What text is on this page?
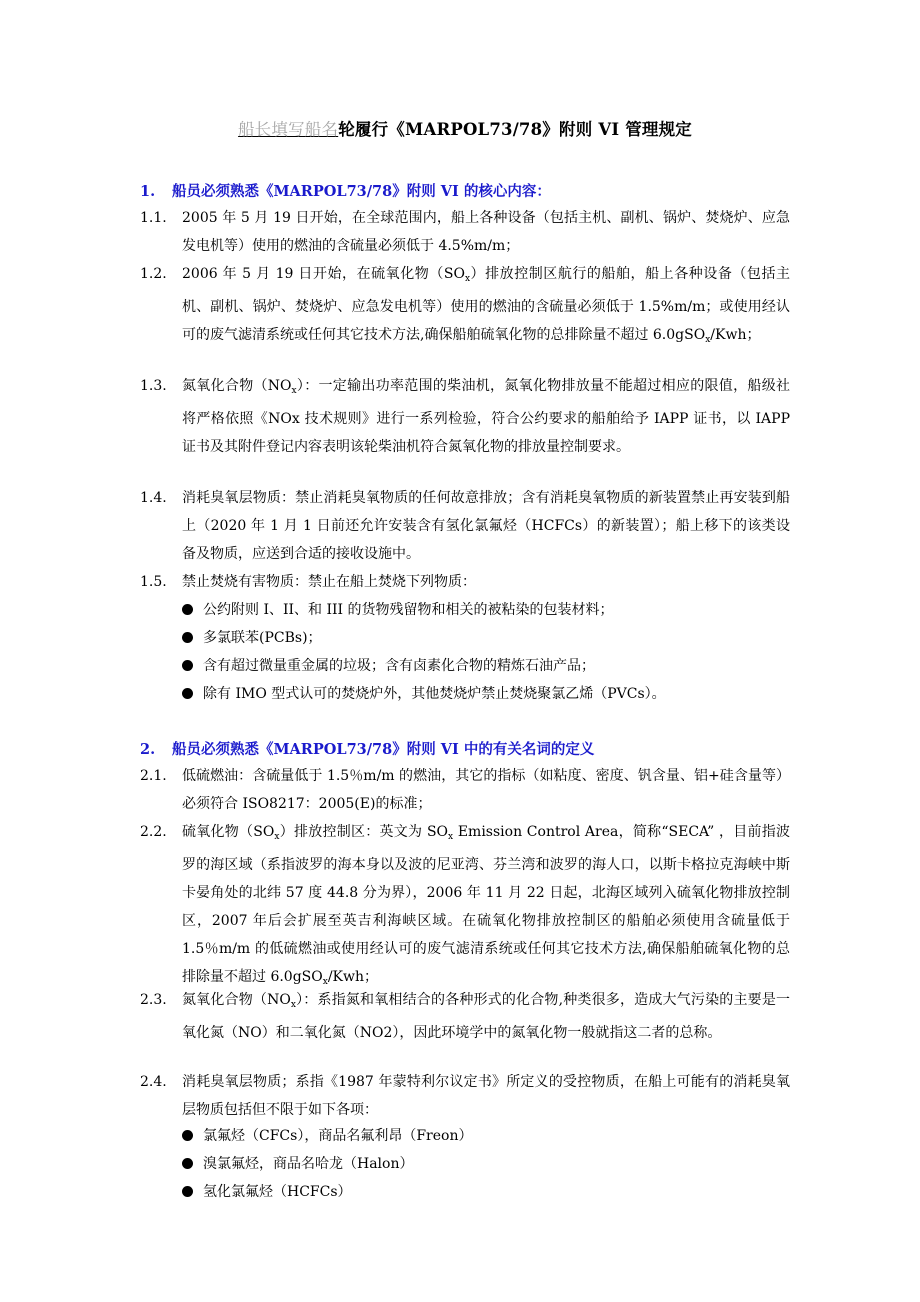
船长填写船名轮履行《MARPOL73/78》附则 VI 管理规定
1. 船员必须熟悉《MARPOL73/78》附则 VI 的核心内容：
1.1. 2005 年 5 月 19 日开始，在全球范围内，船上各种设备（包括主机、副机、锅炉、焚烧炉、应急发电机等）使用的燃油的含硫量必须低于 4.5%m/m；
1.2. 2006 年 5 月 19 日开始，在硫氧化物$(SO_x)$排放控制区航行的船舶，船上各种设备（包括主机、副机、锅炉、焚烧炉、应急发电机等）使用的燃油的含硫量必须低于 1.5%m/m；或使用经认可的废气滤清系统或任何其它技术方法,确保船舶硫氧化物的总排除量不超过 6.0gSO$_x$/Kwh；
1.3. 氮氧化合物$(NO_x)$：一定输出功率范围的柴油机，氮氧化物排放量不能超过相应的限值，船级社将严格依照《NOx 技术规则》进行一系列检验，符合公约要求的船舶给予 IAPP 证书，以 IAPP 证书及其附件登记内容表明该轮柴油机符合氮氧化物的排放量控制要求。
1.4. 消耗臭氧层物质：禁止消耗臭氧物质的任何故意排放；含有消耗臭氧物质的新装置禁止再安装到船上（2020 年 1 月 1 日前还允许安装含有氢化氯氟烃（HCFCs）的新装置）；船上移下的该类设备及物质，应送到合适的接收设施中。
1.5. 禁止焚烧有害物质：禁止在船上焚烧下列物质：
公约附则 I、II、和 III 的货物残留物和相关的被粘染的包装材料；
多氯联苯(PCBs)；
含有超过微量重金属的垃圾；含有卤素化合物的精炼石油产品；
除有 IMO 型式认可的焚烧炉外，其他焚烧炉禁止焚烧聚氯乙烯（PVCs）。
2. 船员必须熟悉《MARPOL73/78》附则 VI 中的有关名词的定义
2.1. 低硫燃油：含硫量低于 1.5％m/m 的燃油，其它的指标（如粘度、密度、钒含量、铝+硅含量等）必须符合 ISO8217：2005(E)的标准；
2.2. 硫氧化物$(SO_x)$排放控制区：英文为 $SO_x$ Emission Control Area，简称“SECA” ，目前指波罗的海区域（系指波罗的海本身以及波的尼亚湾、芬兰湾和波罗的海人口，以斯卡格拉克海峡中斯卡晏角处的北纬 57 度 44.8 分为界），2006 年 11 月 22 日起，北海区域列入硫氧化物排放控制区，2007 年后会扩展至英吉利海峡区域。在硫氧化物排放控制区的船舶必须使用含硫量低于 1.5％m/m 的低硫燃油或使用经认可的废气滤清系统或任何其它技术方法,确保船舶硫氧化物的总排除量不超过 6.0gSO$_x$/Kwh；
2.3. 氮氧化合物$(NO_x)$：系指氮和氧相结合的各种形式的化合物,种类很多，造成大气污染的主要是一氧化氮（NO）和二氧化氮（NO2），因此环境学中的氮氧化物一般就指这二者的总称。
2.4. 消耗臭氧层物质；系指《1987 年蒙特利尔议定书》所定义的受控物质，在船上可能有的消耗臭氧层物质包括但不限于如下各项：
氯氟烃（CFCs），商品名氟利昂（Freon）
溴氯氟烃，商品名哈龙（Halon）
氢化氯氟烃（HCFCs）
